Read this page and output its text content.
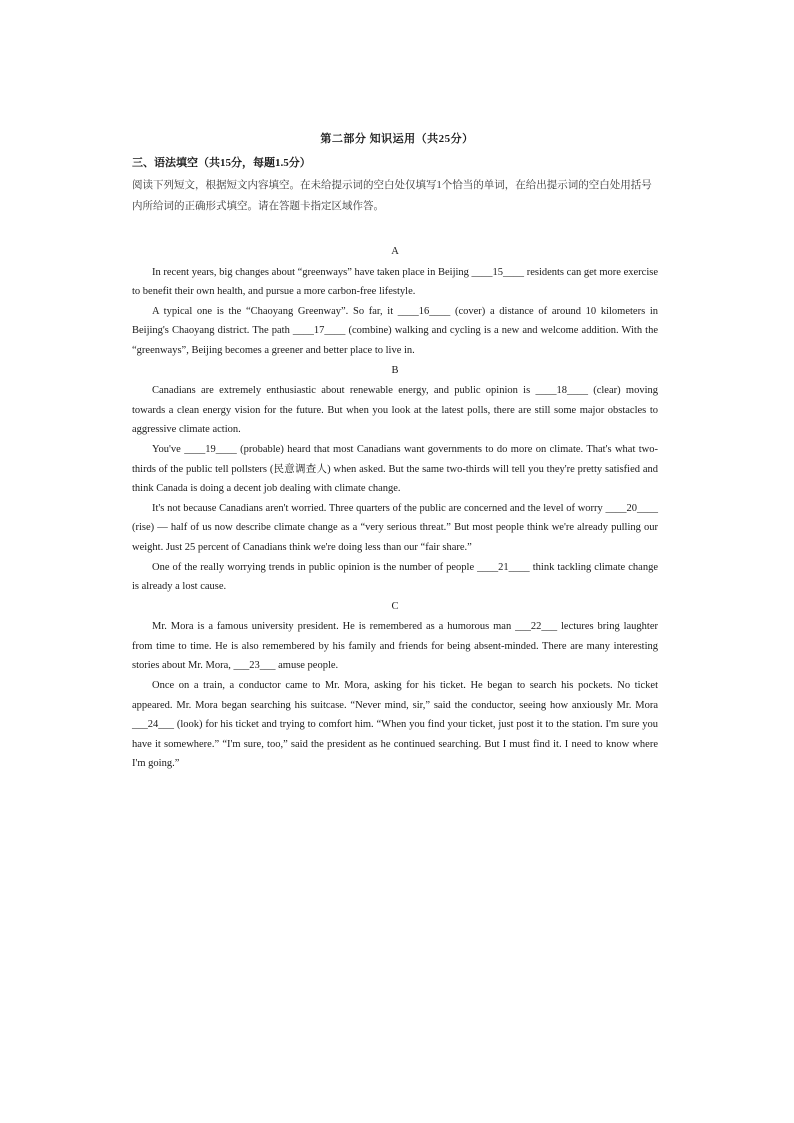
第二部分 知识运用（共25分）
三、语法填空（共15分，每题1.5分）
阅读下列短文，根据短文内容填空。在未给提示词的空白处仅填写1个恰当的单词，在给出提示词的空白处用括号内所给词的正确形式填空。请在答题卡指定区域作答。

A

In recent years, big changes about “greenways” have taken place in Beijing ____15____ residents can get more exercise to benefit their own health, and pursue a more carbon-free lifestyle.

A typical one is the “Chaoyang Greenway”. So far, it ____16____ (cover) a distance of around 10 kilometers in Beijing's Chaoyang district. The path ____17____ (combine) walking and cycling is a new and welcome addition. With the “greenways”, Beijing becomes a greener and better place to live in.

B

Canadians are extremely enthusiastic about renewable energy, and public opinion is ____18____ (clear) moving towards a clean energy vision for the future. But when you look at the latest polls, there are still some major obstacles to aggressive climate action.

You've ____19____ (probable) heard that most Canadians want governments to do more on climate. That's what two-thirds of the public tell pollsters (民意调查人) when asked. But the same two-thirds will tell you they're pretty satisfied and think Canada is doing a decent job dealing with climate change.

It's not because Canadians aren't worried. Three quarters of the public are concerned and the level of worry ____20____ (rise) — half of us now describe climate change as a “very serious threat.” But most people think we're already pulling our weight. Just 25 percent of Canadians think we're doing less than our “fair share.”

One of the really worrying trends in public opinion is the number of people ____21____ think tackling climate change is already a lost cause.

C

Mr. Mora is a famous university president. He is remembered as a humorous man ___22___ lectures bring laughter from time to time. He is also remembered by his family and friends for being absent-minded. There are many interesting stories about Mr. Mora, ___23___ amuse people.

Once on a train, a conductor came to Mr. Mora, asking for his ticket. He began to search his pockets. No ticket appeared. Mr. Mora began searching his suitcase. “Never mind, sir,” said the conductor, seeing how anxiously Mr. Mora ___24___ (look) for his ticket and trying to comfort him. “When you find your ticket, just post it to the station. I'm sure you have it somewhere.” “I'm sure, too,” said the president as he continued searching. But I must find it. I need to know where I'm going.”
